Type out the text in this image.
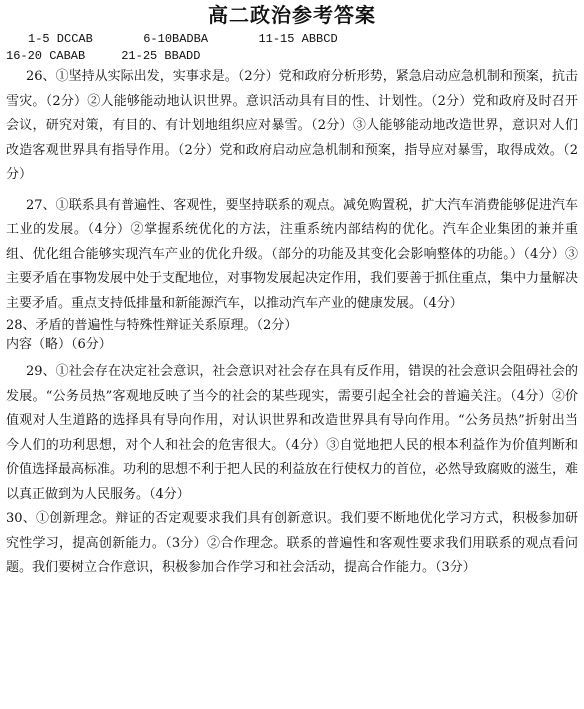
高二政治参考答案
1-5 DCCAB       6-10BADBA       11-15 ABBCD
16-20 CABAB     21-25 BBADD

26、①坚持从实际出发，实事求是。（2分）党和政府分析形势，紧急启动应急机制和预案，抗击雪灾。（2分）②人能够能动地认识世界。意识活动具有目的性、计划性。（2分）党和政府及时召开会议，研究对策，有目的、有计划地组织应对暴雪。（2分）③人能够能动地改造世界，意识对人们改造客观世界具有指导作用。（2分）党和政府启动应急机制和预案，指导应对暴雪，取得成效。（2分）

27、①联系具有普遍性、客观性，要坚持联系的观点。减免购置税，扩大汽车消费能够促进汽车工业的发展。（4分）②掌握系统优化的方法，注重系统内部结构的优化。汽车企业集团的兼并重组、优化组合能够实现汽车产业的优化升级。（部分的功能及其变化会影响整体的功能。）（4分）③主要矛盾在事物发展中处于支配地位，对事物发展起决定作用，我们要善于抓住重点，集中力量解决主要矛盾。重点支持低排量和新能源汽车，以推动汽车产业的健康发展。（4分）

28、矛盾的普遍性与特殊性辩证关系原理。（2分）

内容（略）（6分）

29、①社会存在决定社会意识，社会意识对社会存在具有反作用，错误的社会意识会阻碍社会的发展。“公务员热”客观地反映了当今的社会的某些现实，需要引起全社会的普遍关注。（4分）②价值观对人生道路的选择具有导向作用，对认识世界和改造世界具有导向作用。“公务员热”折射出当今人们的功利思想，对个人和社会的危害很大。（4分）③自觉地把人民的根本利益作为价值判断和价值选择最高标准。功利的思想不利于把人民的利益放在行使权力的首位，必然导致腐败的滋生，难以真正做到为人民服务。（4分）

30、①创新理念。辩证的否定观要求我们具有创新意识。我们要不断地优化学习方式，积极参加研究性学习，提高创新能力。（3分）②合作理念。联系的普遍性和客观性要求我们用联系的观点看问题。我们要树立合作意识，积极参加合作学习和社会活动，提高合作能力。（3分）
